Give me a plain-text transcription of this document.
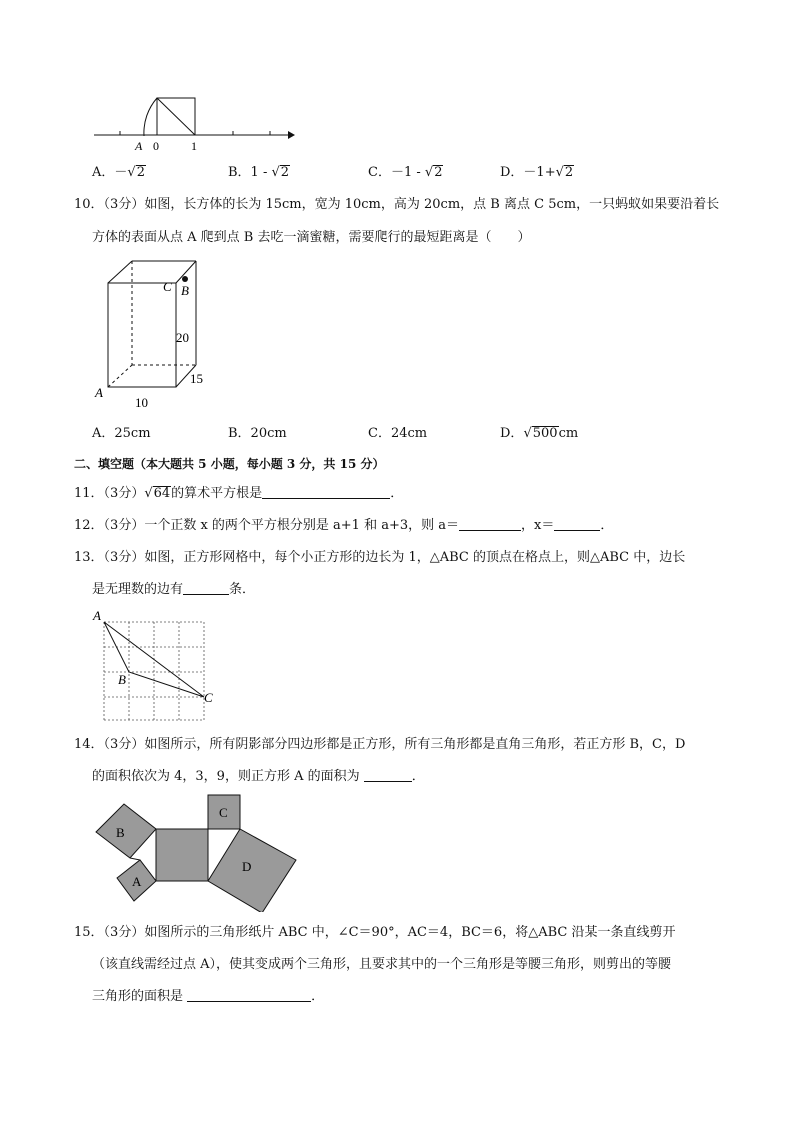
A 0	1
A．－√2	B．1 - √2	C．－1 - √2	D．－1+√2
10．（3分）如图，长方体的长为 15cm，宽为 10cm，高为 20cm，点 B 离点 C 5cm，一只蚂蚁如果要沿着长
方体的表面从点 A 爬到点 B 去吃一滴蜜糖，需要爬行的最短距离是（　　）
C B
20
15
A
10
A．25cm	B．20cm	C．24cm	D．√500cm
二、填空题（本大题共 5 小题，每小题 3 分，共 15 分）
11．（3分）√64的算术平方根是	．
12．（3分）一个正数 x 的两个平方根分别是 a+1 和 a+3，则 a＝	，x＝	．
13．（3分）如图，正方形网格中，每个小正方形的边长为 1，△ABC 的顶点在格点上，则△ABC 中，边长
是无理数的边有	条．
A
B
C
14．（3分）如图所示，所有阴影部分四边形都是正方形，所有三角形都是直角三角形，若正方形 B，C，D
的面积依次为 4，3，9，则正方形 A 的面积为	．
B
C
D
A
15．（3分）如图所示的三角形纸片 ABC 中，∠C＝90°，AC＝4，BC＝6，将△ABC 沿某一条直线剪开
（该直线需经过点 A），使其变成两个三角形，且要求其中的一个三角形是等腰三角形，则剪出的等腰
三角形的面积是	．
